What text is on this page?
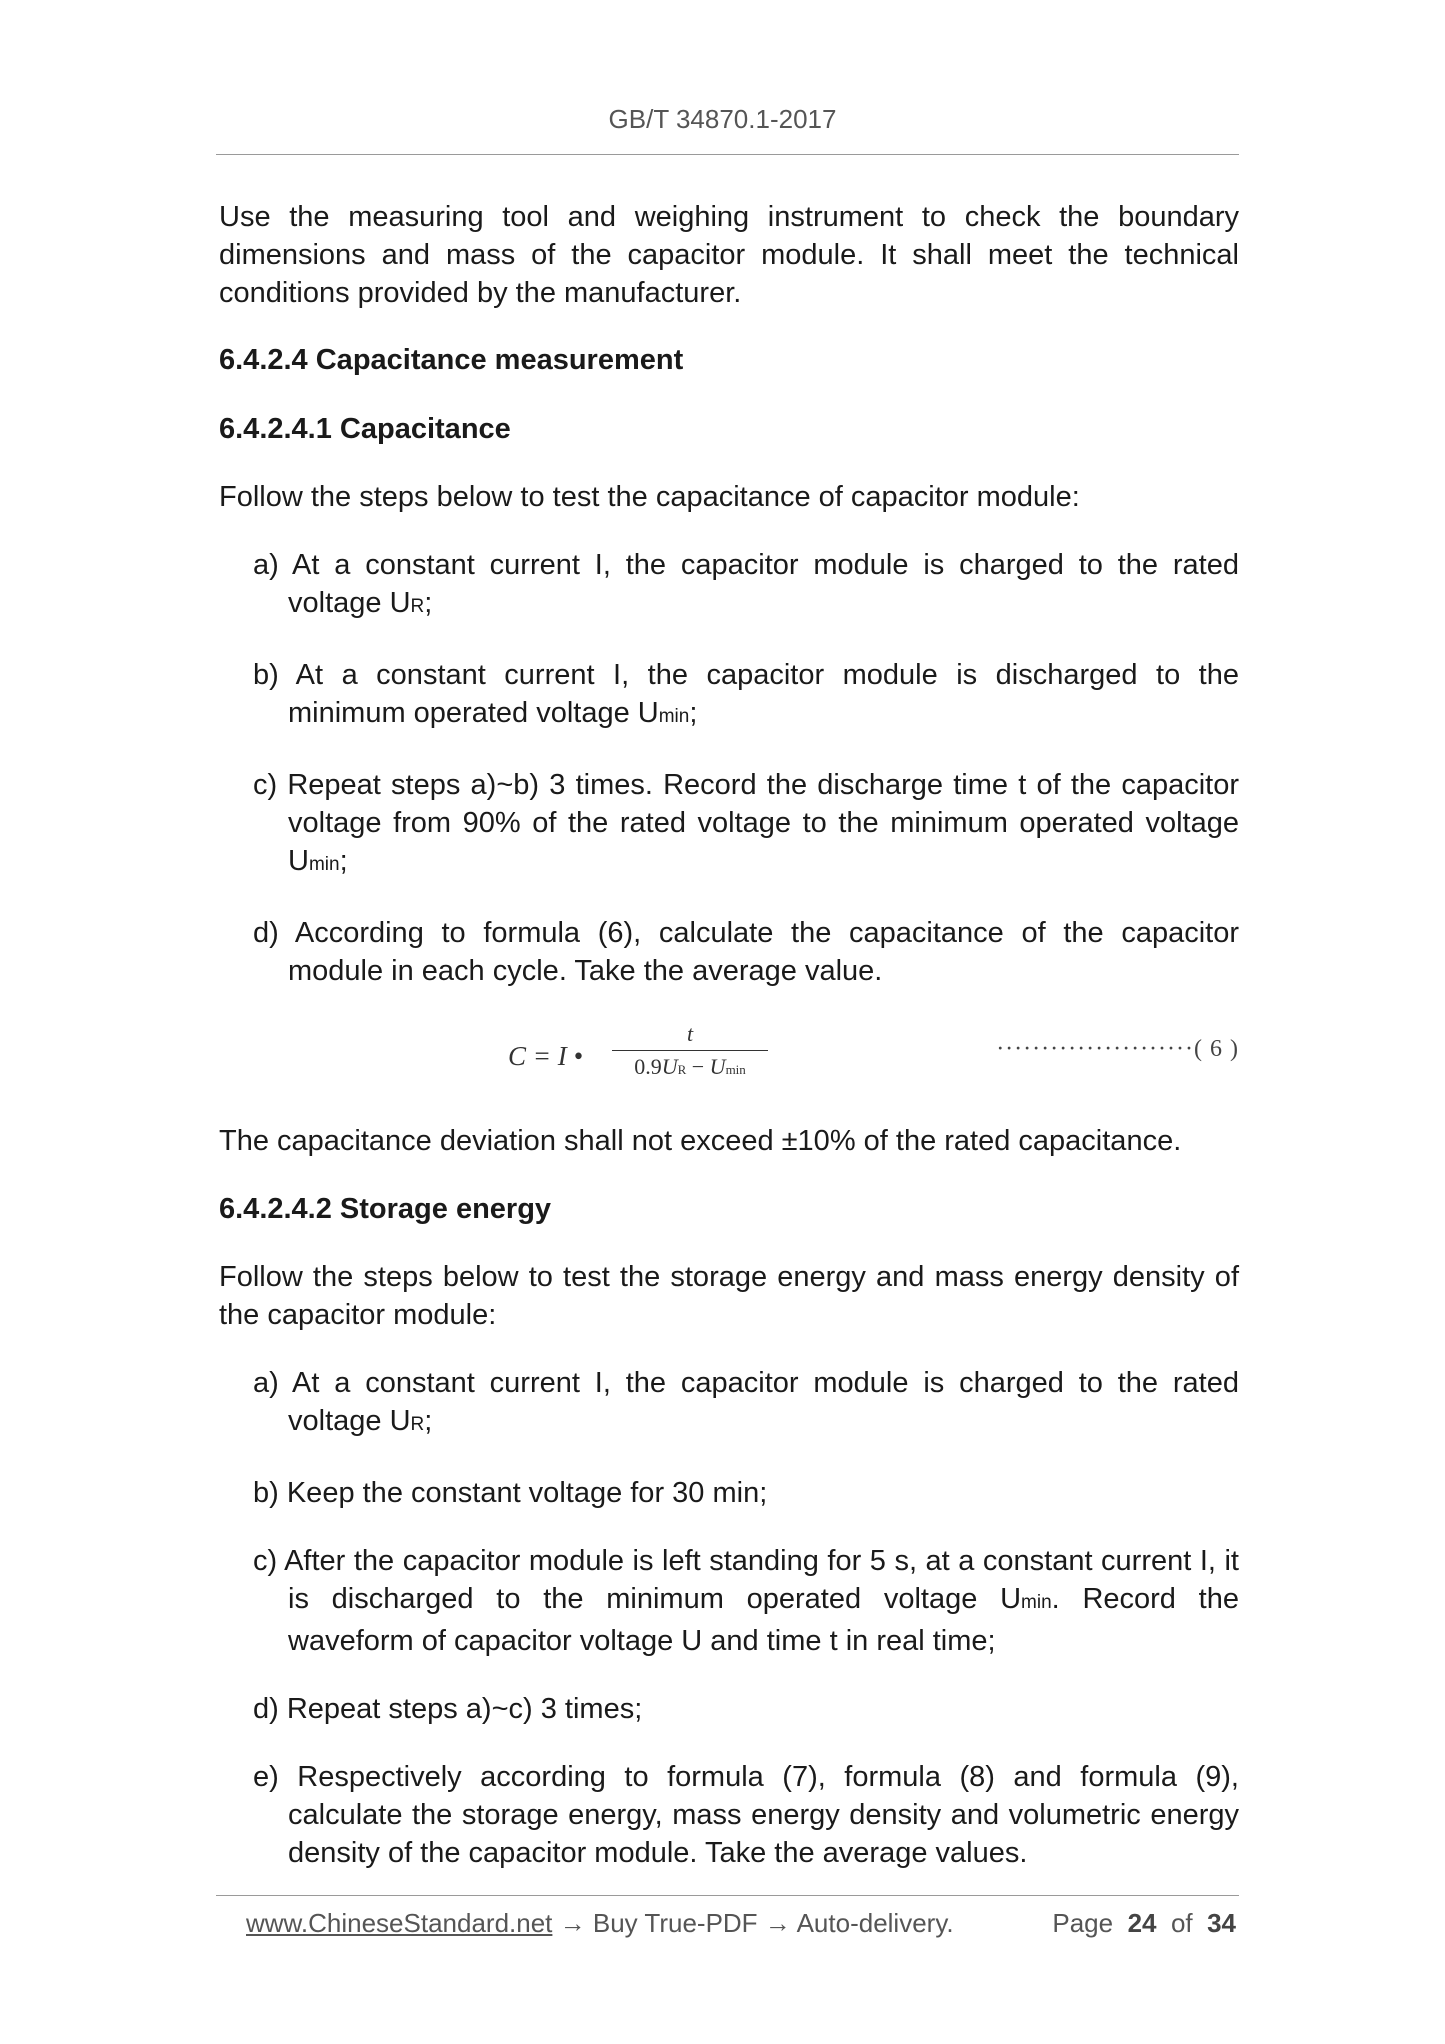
GB/T 34870.1-2017

Use the measuring tool and weighing instrument to check the boundary dimensions and mass of the capacitor module. It shall meet the technical conditions provided by the manufacturer.

6.4.2.4 Capacitance measurement

6.4.2.4.1 Capacitance

Follow the steps below to test the capacitance of capacitor module:

a) At a constant current I, the capacitor module is charged to the rated voltage UR;

b) At a constant current I, the capacitor module is discharged to the minimum operated voltage Umin;

c) Repeat steps a)~b) 3 times. Record the discharge time t of the capacitor voltage from 90% of the rated voltage to the minimum operated voltage Umin;

d) According to formula (6), calculate the capacitance of the capacitor module in each cycle. Take the average value.

C = I •
t
0.9UR − Umin
······················( 6 )

The capacitance deviation shall not exceed ±10% of the rated capacitance.

6.4.2.4.2 Storage energy

Follow the steps below to test the storage energy and mass energy density of the capacitor module:

a) At a constant current I, the capacitor module is charged to the rated voltage UR;

b) Keep the constant voltage for 30 min;

c) After the capacitor module is left standing for 5 s, at a constant current I, it is discharged to the minimum operated voltage Umin. Record the waveform of capacitor voltage U and time t in real time;

d) Repeat steps a)~c) 3 times;

e) Respectively according to formula (7), formula (8) and formula (9), calculate the storage energy, mass energy density and volumetric energy density of the capacitor module. Take the average values.

www.ChineseStandard.net → Buy True-PDF → Auto-delivery.	Page 24 of 34
